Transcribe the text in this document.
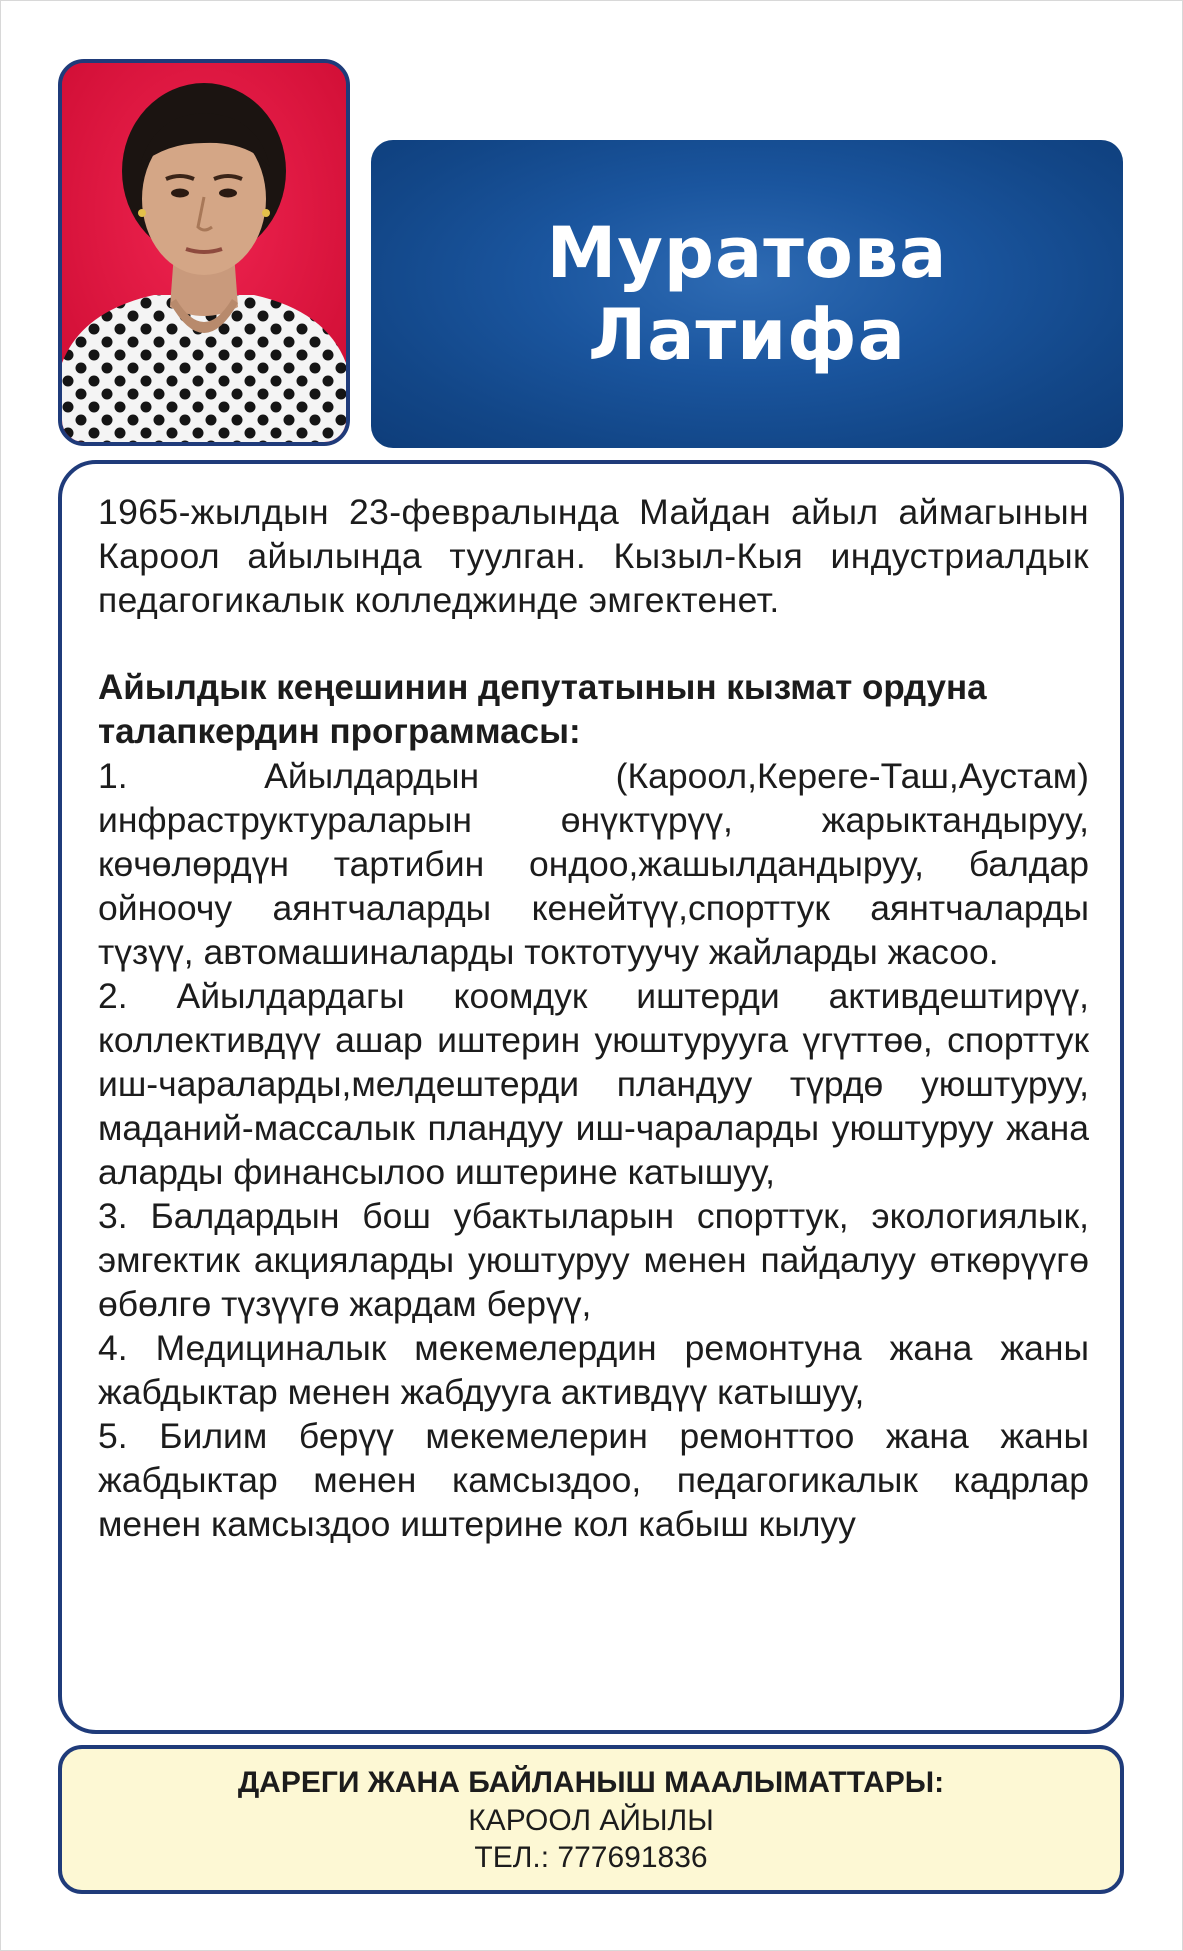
Муратова
Латифа

1965-жылдын 23-февралында Майдан айыл аймагынын Кароол айылында туулган. Кызыл-Кыя индустриалдык педагогикалык колледжинде эмгектенет.

Айылдык кеңешинин депутатынын кызмат ордуна талапкердин программасы:

1. Айылдардын (Кароол,Кереге-Таш,Аустам) инфраструктураларын өнүктүрүү, жарыктандыруу, көчөлөрдүн тартибин ондоо,жашылдандыруу, балдар ойноочу аянтчаларды кенейтүү,спорттук аянтчаларды түзүү, автомашиналарды токтотуучу жайларды жасоо.

2. Айылдардагы коомдук иштерди активдештирүү, коллективдүү ашар иштерин уюштурууга үгүттөө, спорттук иш-чараларды,мелдештерди пландуу түрдө уюштуруу, маданий-массалык пландуу иш-чараларды уюштуруу жана аларды финансылоо иштерине катышуу,

3. Балдардын бош убактыларын спорттук, экологиялык, эмгектик акцияларды уюштуруу менен пайдалуу өткөрүүгө өбөлгө түзүүгө жардам берүү,

4. Медициналык мекемелердин ремонтуна жана жаны жабдыктар менен жабдууга активдүү катышуу,

5. Билим берүү мекемелерин ремонттоо жана жаны жабдыктар менен камсыздоо, педагогикалык кадрлар менен камсыздоо иштерине кол кабыш кылуу

ДАРЕГИ ЖАНА БАЙЛАНЫШ МААЛЫМАТТАРЫ:
КАРООЛ АЙЫЛЫ
ТЕЛ.: 777691836
